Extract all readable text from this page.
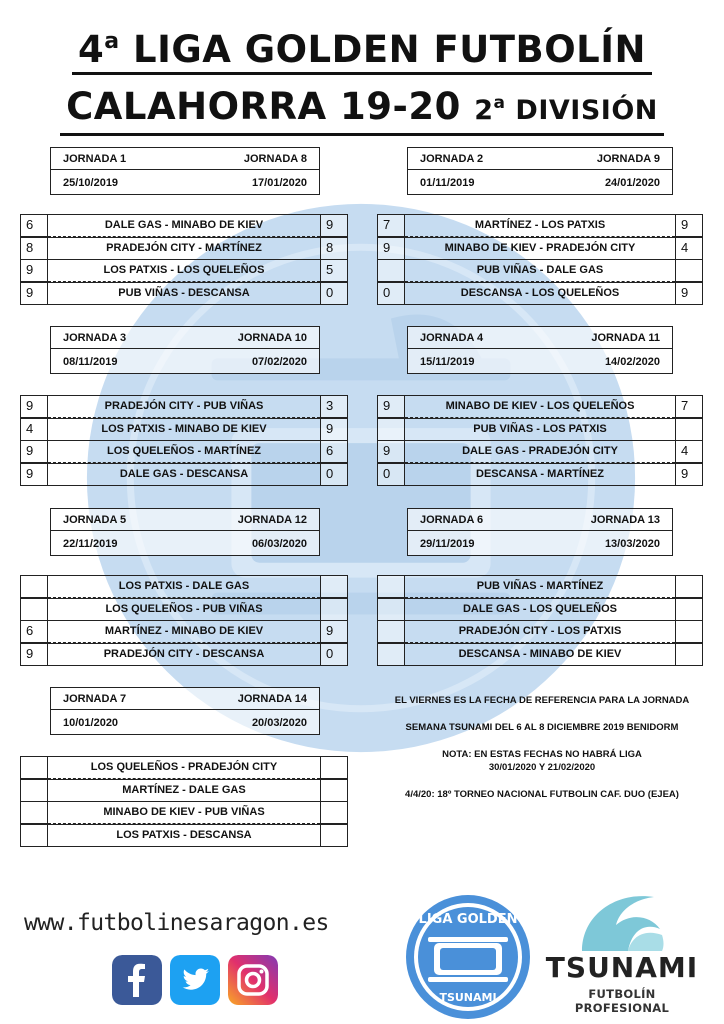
4$^a$ LIGA GOLDEN FUTBOLÍN
CALAHORRA 19-20 2$^a$ DIVISIÓN
JORNADA 1	JORNADA 8
25/10/2019	17/01/2020
6	DALE GAS - MINABO DE KIEV	9
8	PRADEJÓN CITY - MARTÍNEZ	8
9	LOS PATXIS - LOS QUELEÑOS	5
9	PUB VIÑAS - DESCANSA	0
JORNADA 2	JORNADA 9
01/11/2019	24/01/2020
7	MARTÍNEZ - LOS PATXIS	9
9	MINABO DE KIEV - PRADEJÓN CITY	4
PUB VIÑAS - DALE GAS
0	DESCANSA - LOS QUELEÑOS	9
JORNADA 3	JORNADA 10
08/11/2019	07/02/2020
9	PRADEJÓN CITY - PUB VIÑAS	3
4	LOS PATXIS - MINABO DE KIEV	9
9	LOS QUELEÑOS - MARTÍNEZ	6
9	DALE GAS - DESCANSA	0
JORNADA 4	JORNADA 11
15/11/2019	14/02/2020
9	MINABO DE KIEV - LOS QUELEÑOS	7
PUB VIÑAS - LOS PATXIS
9	DALE GAS - PRADEJÓN CITY	4
0	DESCANSA - MARTÍNEZ	9
JORNADA 5	JORNADA 12
22/11/2019	06/03/2020
LOS PATXIS - DALE GAS
LOS QUELEÑOS - PUB VIÑAS
6	MARTÍNEZ - MINABO DE KIEV	9
9	PRADEJÓN CITY - DESCANSA	0
JORNADA 6	JORNADA 13
29/11/2019	13/03/2020
PUB VIÑAS - MARTÍNEZ
DALE GAS - LOS QUELEÑOS
PRADEJÓN CITY - LOS PATXIS
DESCANSA - MINABO DE KIEV
JORNADA 7	JORNADA 14
10/01/2020	20/03/2020
LOS QUELEÑOS - PRADEJÓN CITY
MARTÍNEZ - DALE GAS
MINABO DE KIEV - PUB VIÑAS
LOS PATXIS - DESCANSA

EL VIERNES ES LA FECHA DE REFERENCIA PARA LA JORNADA

SEMANA TSUNAMI DEL 6 AL 8 DICIEMBRE 2019 BENIDORM

NOTA: EN ESTAS FECHAS NO HABRÁ LIGA
30/01/2020 Y 21/02/2020

4/4/20: 18º TORNEO NACIONAL FUTBOLIN CAF. DUO (EJEA)

www.futbolinesaragon.es	LIGA GOLDEN
TSUNAMI
TSUNAMI
FUTBOLÍN PROFESIONAL
